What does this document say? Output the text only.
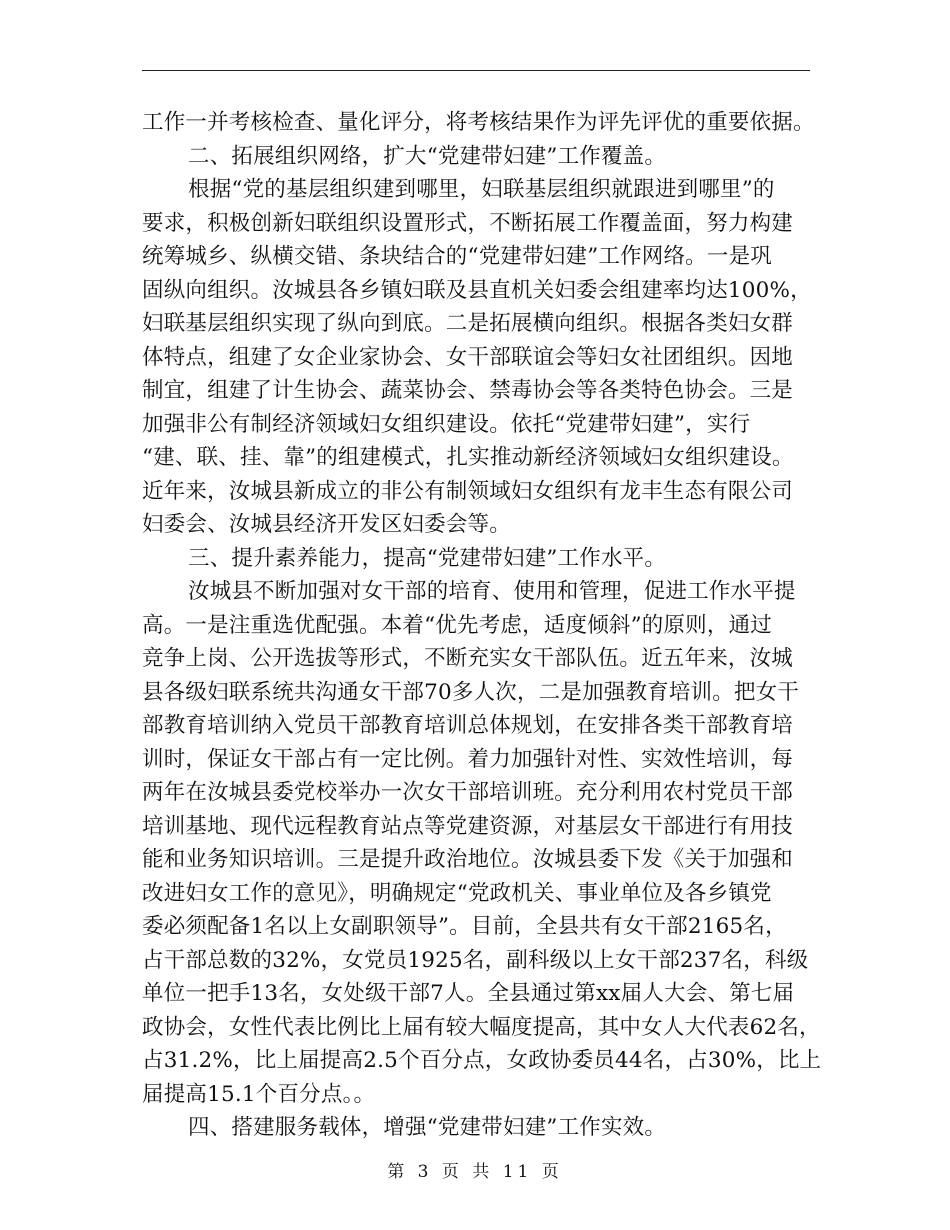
工作一并考核检查、量化评分，将考核结果作为评先评优的重要依据。
二、拓展组织网络，扩大“党建带妇建”工作覆盖。
根据“党的基层组织建到哪里，妇联基层组织就跟进到哪里”的
要求，积极创新妇联组织设置形式，不断拓展工作覆盖面，努力构建
统筹城乡、纵横交错、条块结合的“党建带妇建”工作网络。一是巩
固纵向组织。汝城县各乡镇妇联及县直机关妇委会组建率均达100%，
妇联基层组织实现了纵向到底。二是拓展横向组织。根据各类妇女群
体特点，组建了女企业家协会、女干部联谊会等妇女社团组织。因地
制宜，组建了计生协会、蔬菜协会、禁毒协会等各类特色协会。三是
加强非公有制经济领域妇女组织建设。依托“党建带妇建”，实行
“建、联、挂、靠”的组建模式，扎实推动新经济领域妇女组织建设。
近年来，汝城县新成立的非公有制领域妇女组织有龙丰生态有限公司
妇委会、汝城县经济开发区妇委会等。
三、提升素养能力，提高“党建带妇建”工作水平。
汝城县不断加强对女干部的培育、使用和管理，促进工作水平提
高。一是注重选优配强。本着“优先考虑，适度倾斜”的原则，通过
竞争上岗、公开选拔等形式，不断充实女干部队伍。近五年来，汝城
县各级妇联系统共沟通女干部70多人次，二是加强教育培训。把女干
部教育培训纳入党员干部教育培训总体规划，在安排各类干部教育培
训时，保证女干部占有一定比例。着力加强针对性、实效性培训，每
两年在汝城县委党校举办一次女干部培训班。充分利用农村党员干部
培训基地、现代远程教育站点等党建资源，对基层女干部进行有用技
能和业务知识培训。三是提升政治地位。汝城县委下发《关于加强和
改进妇女工作的意见》，明确规定“党政机关、事业单位及各乡镇党
委必须配备1名以上女副职领导”。目前，全县共有女干部2165名，
占干部总数的32%，女党员1925名，副科级以上女干部237名，科级
单位一把手13名，女处级干部7人。全县通过第xx届人大会、第七届
政协会，女性代表比例比上届有较大幅度提高，其中女人大代表62名，
占31.2%，比上届提高2.5个百分点，女政协委员44名，占30%，比上
届提高15.1个百分点。。
四、搭建服务载体，增强“党建带妇建”工作实效。
第 3 页 共 11 页
